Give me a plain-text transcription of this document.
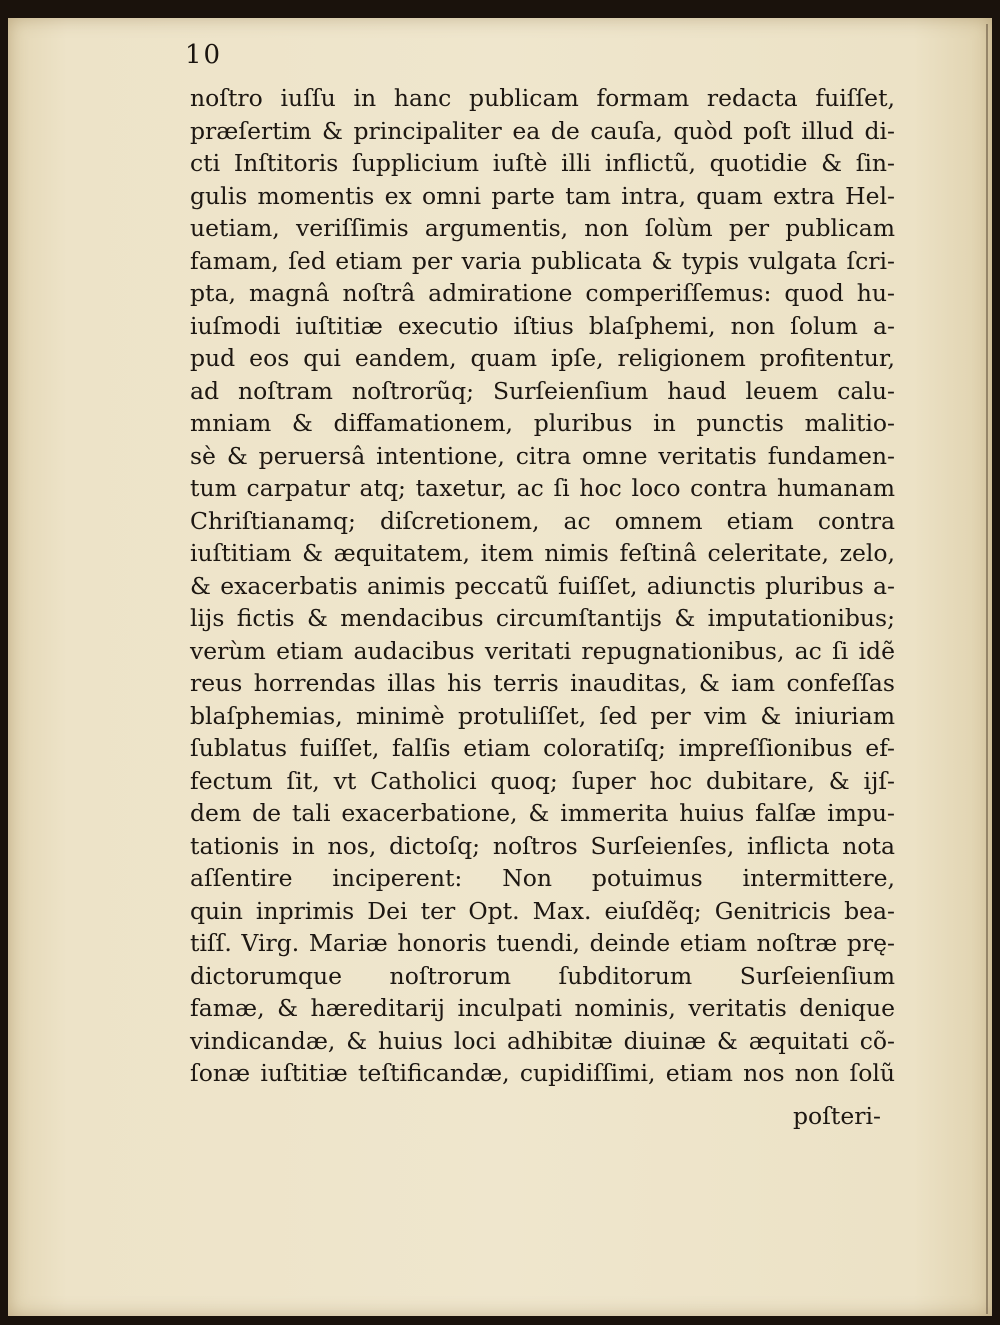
10
noſtro iuſſu in hanc publicam formam redacta fuiſſet,
præſertim & principaliter ea de cauſa, quòd poſt illud di-
cti Inſtitoris ſupplicium iuſtè illi inflictũ, quotidie & ſin-
gulis momentis ex omni parte tam intra, quam extra Hel-
uetiam, veriſſimis argumentis, non ſolùm per publicam
famam, ſed etiam per varia publicata & typis vulgata ſcri-
pta, magnâ noſtrâ admiratione comperiſſemus: quod hu-
iuſmodi iuſtitiæ executio iſtius blaſphemi, non ſolum a-
pud eos qui eandem, quam ipſe, religionem profitentur,
ad noſtram noſtrorũq; Surſeienſium haud leuem calu-
mniam & diffamationem, pluribus in punctis malitio-
sè & peruersâ intentione, citra omne veritatis fundamen-
tum carpatur atq; taxetur, ac ſi hoc loco contra humanam
Chriſtianamq; diſcretionem, ac omnem etiam contra
iuſtitiam & æquitatem, item nimis feſtinâ celeritate, zelo,
& exacerbatis animis peccatũ fuiſſet, adiunctis pluribus a-
lijs fictis & mendacibus circumſtantijs & imputationibus;
verùm etiam audacibus veritati repugnationibus, ac ſi idẽ
reus horrendas illas his terris inauditas, & iam confeſſas
blaſphemias, minimè protuliſſet, ſed per vim & iniuriam
ſublatus fuiſſet, falſis etiam coloratiſq; impreſſionibus ef-
fectum ſit, vt Catholici quoq; ſuper hoc dubitare, & ijſ-
dem de tali exacerbatione, & immerita huius falſæ impu-
tationis in nos, dictoſq; noſtros Surſeienſes, inflicta nota
aſſentire inciperent: Non potuimus intermittere,
quin inprimis Dei ter Opt. Max. eiuſdẽq; Genitricis bea-
tiſſ. Virg. Mariæ honoris tuendi, deinde etiam noſtræ prę-
dictorumque noſtrorum ſubditorum Surſeienſium
famæ, & hæreditarij inculpati nominis, veritatis denique
vindicandæ, & huius loci adhibitæ diuinæ & æquitati cõ-
ſonæ iuſtitiæ teſtificandæ, cupidiſſimi, etiam nos non ſolũ
poſteri-
